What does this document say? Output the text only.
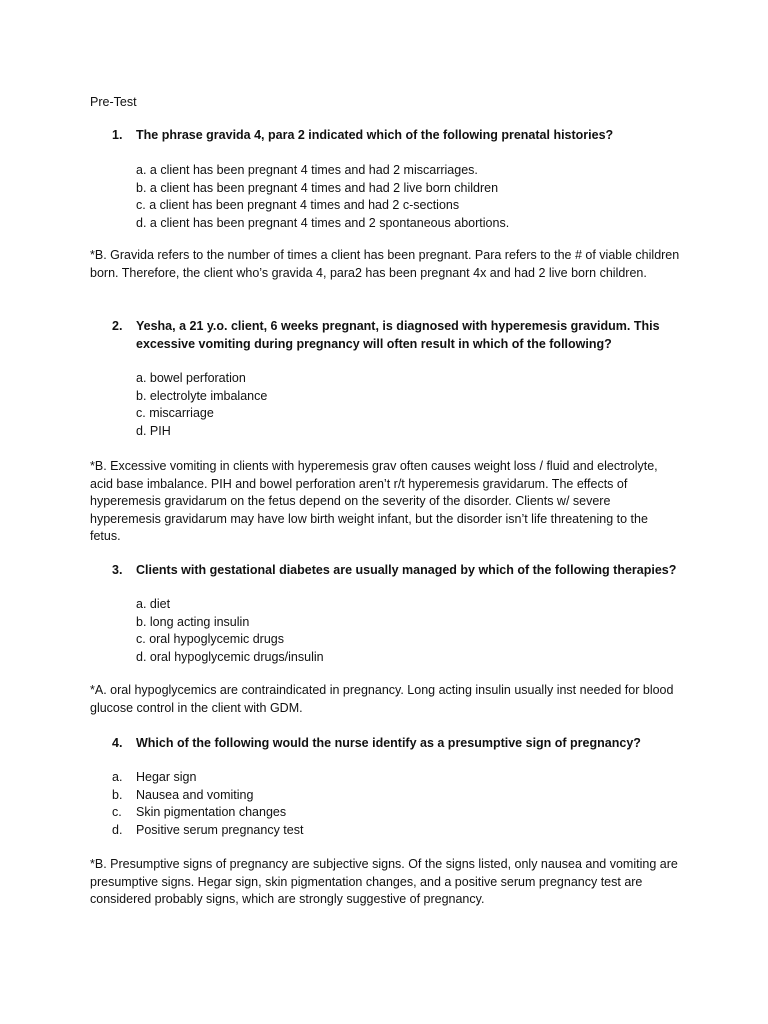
Pre-Test
1.	The phrase gravida 4, para 2 indicated which of the following prenatal histories?
a. a client has been pregnant 4 times and had 2 miscarriages.
b. a client has been pregnant 4 times and had 2 live born children
c. a client has been pregnant 4 times and had 2 c-sections
d. a client has been pregnant 4 times and 2 spontaneous abortions.
*B. Gravida refers to the number of times a client has been pregnant. Para refers to the # of viable children born. Therefore, the client who’s gravida 4, para2 has been pregnant 4x and had 2 live born children.
2.	Yesha, a 21 y.o. client, 6 weeks pregnant, is diagnosed with hyperemesis gravidum. This excessive vomiting during pregnancy will often result in which of the following?
a. bowel perforation
b. electrolyte imbalance
c. miscarriage
d. PIH
*B. Excessive vomiting in clients with hyperemesis grav often causes weight loss / fluid and electrolyte, acid base imbalance. PIH and bowel perforation aren’t r/t hyperemesis gravidarum. The effects of hyperemesis gravidarum on the fetus depend on the severity of the disorder. Clients w/ severe hyperemesis gravidarum may have low birth weight infant, but the disorder isn’t life threatening to the fetus.
3.	Clients with gestational diabetes are usually managed by which of the following therapies?
a. diet
b. long acting insulin
c. oral hypoglycemic drugs
d. oral hypoglycemic drugs/insulin
*A. oral hypoglycemics are contraindicated in pregnancy. Long acting insulin usually inst needed for blood glucose control in the client with GDM.
4.	Which of the following would the nurse identify as a presumptive sign of pregnancy?
a. Hegar sign
b. Nausea and vomiting
c. Skin pigmentation changes
d. Positive serum pregnancy test
*B. Presumptive signs of pregnancy are subjective signs. Of the signs listed, only nausea and vomiting are presumptive signs. Hegar sign, skin pigmentation changes, and a positive serum pregnancy test are considered probably signs, which are strongly suggestive of pregnancy.
